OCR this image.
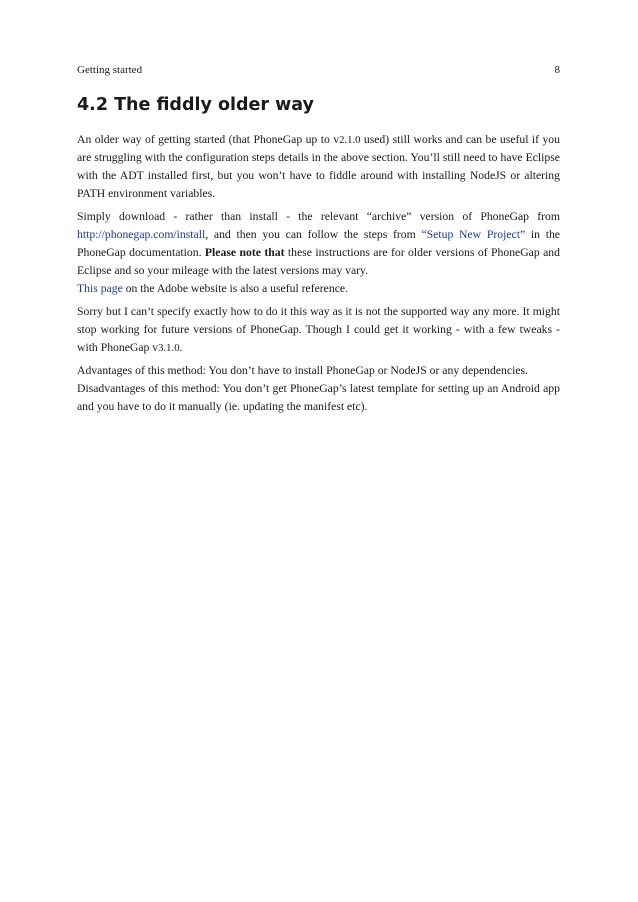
Getting started	8
4.2 The fiddly older way

An older way of getting started (that PhoneGap up to v2.1.0 used) still works and can be useful if you are struggling with the configuration steps details in the above section. You’ll still need to have Eclipse with the ADT installed first, but you won’t have to fiddle around with installing NodeJS or altering PATH environment variables.

Simply download - rather than install - the relevant “archive” version of PhoneGap from http://phonegap.com/install, and then you can follow the steps from “Setup New Project” in the PhoneGap documentation. Please note that these instructions are for older versions of PhoneGap and Eclipse and so your mileage with the latest versions may vary.
This page on the Adobe website is also a useful reference.

Sorry but I can’t specify exactly how to do it this way as it is not the supported way any more. It might stop working for future versions of PhoneGap. Though I could get it working - with a few tweaks - with PhoneGap v3.1.0.

Advantages of this method: You don’t have to install PhoneGap or NodeJS or any dependencies.
Disadvantages of this method: You don’t get PhoneGap’s latest template for setting up an Android app and you have to do it manually (ie. updating the manifest etc).
